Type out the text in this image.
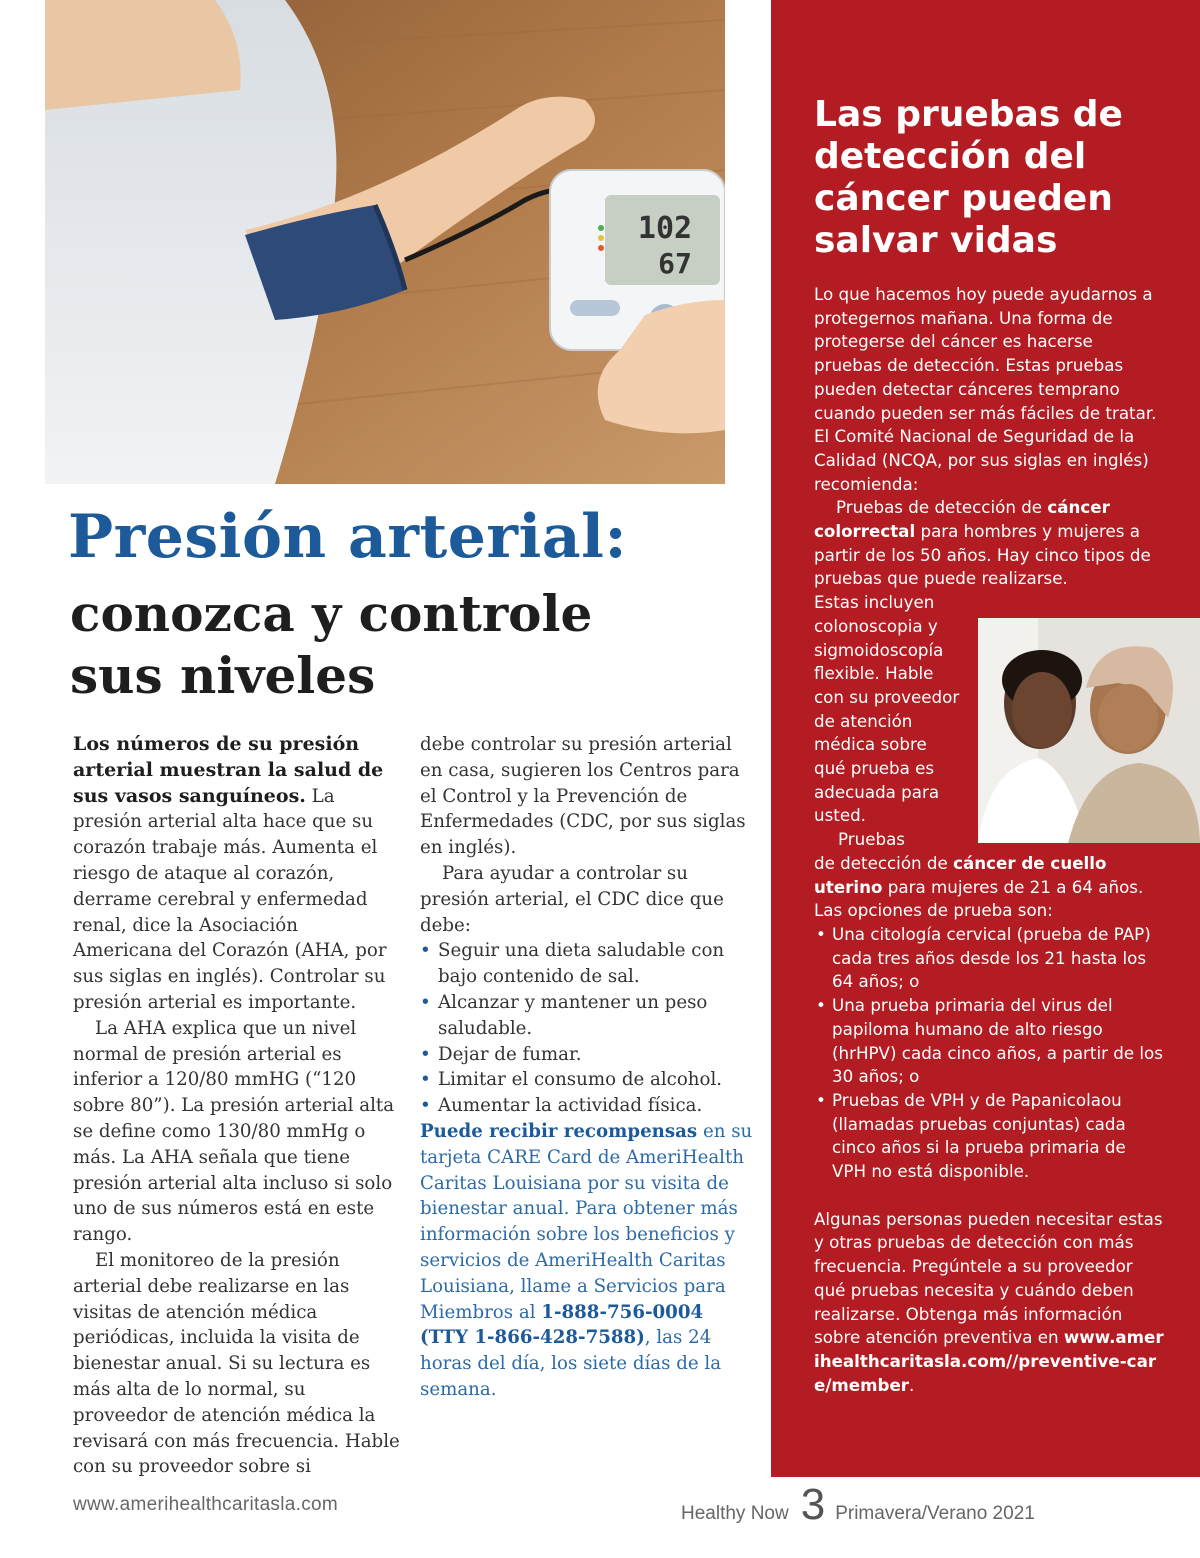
102
67
Presión arterial:
conozca y controle sus niveles

Los números de su presión arterial muestran la salud de sus vasos sanguíneos. La presión arterial alta hace que su corazón trabaje más. Aumenta el riesgo de ataque al corazón, derrame cerebral y enfermedad renal, dice la Asociación Americana del Corazón (AHA, por sus siglas en inglés). Controlar su presión arterial es importante.

La AHA explica que un nivel normal de presión arterial es inferior a 120/80 mmHG (“120 sobre 80”). La presión arterial alta se define como 130/80 mmHg o más. La AHA señala que tiene presión arterial alta incluso si solo uno de sus números está en este rango.

El monitoreo de la presión arterial debe realizarse en las visitas de atención médica periódicas, incluida la visita de bienestar anual. Si su lectura es más alta de lo normal, su proveedor de atención médica la revisará con más frecuencia. Hable con su proveedor sobre si

debe controlar su presión arterial en casa, sugieren los Centros para el Control y la Prevención de Enfermedades (CDC, por sus siglas en inglés).

Para ayudar a controlar su presión arterial, el CDC dice que debe:

• Seguir una dieta saludable con bajo contenido de sal.
• Alcanzar y mantener un peso saludable.
• Dejar de fumar.
• Limitar el consumo de alcohol.
• Aumentar la actividad física.

Puede recibir recompensas en su tarjeta CARE Card de AmeriHealth Caritas Louisiana por su visita de bienestar anual. Para obtener más información sobre los beneficios y servicios de AmeriHealth Caritas Louisiana, llame a Servicios para Miembros al 1-888-756-0004 (TTY 1-866-428-7588), las 24 horas del día, los siete días de la semana.

Las pruebas de detección del cáncer pueden salvar vidas

Lo que hacemos hoy puede ayudarnos a protegernos mañana. Una forma de protegerse del cáncer es hacerse pruebas de detección. Estas pruebas pueden detectar cánceres temprano cuando pueden ser más fáciles de tratar. El Comité Nacional de Seguridad de la Calidad (NCQA, por sus siglas en inglés) recomienda:

Pruebas de detección de cáncer colorrectal para hombres y mujeres a partir de los 50 años. Hay cinco tipos de pruebas que puede realizarse.

Estas incluyen
colonoscopia y
sigmoidoscopía
flexible. Hable
con su proveedor
de atención
médica sobre
qué prueba es
adecuada para
usted.

Pruebas
de detección de cáncer de cuello uterino para mujeres de 21 a 64 años. Las opciones de prueba son:

• Una citología cervical (prueba de PAP) cada tres años desde los 21 hasta los 64 años; o
• Una prueba primaria del virus del papiloma humano de alto riesgo (hrHPV) cada cinco años, a partir de los 30 años; o
• Pruebas de VPH y de Papanicolaou (llamadas pruebas conjuntas) cada cinco años si la prueba primaria de VPH no está disponible.

Algunas personas pueden necesitar estas y otras pruebas de detección con más frecuencia. Pregúntele a su proveedor qué pruebas necesita y cuándo deben realizarse. Obtenga más información sobre atención preventiva en www.amerihealthcaritasla.com//preventive-care/member.

www.amerihealthcaritasla.com	Healthy Now 3 Primavera/Verano 2021
